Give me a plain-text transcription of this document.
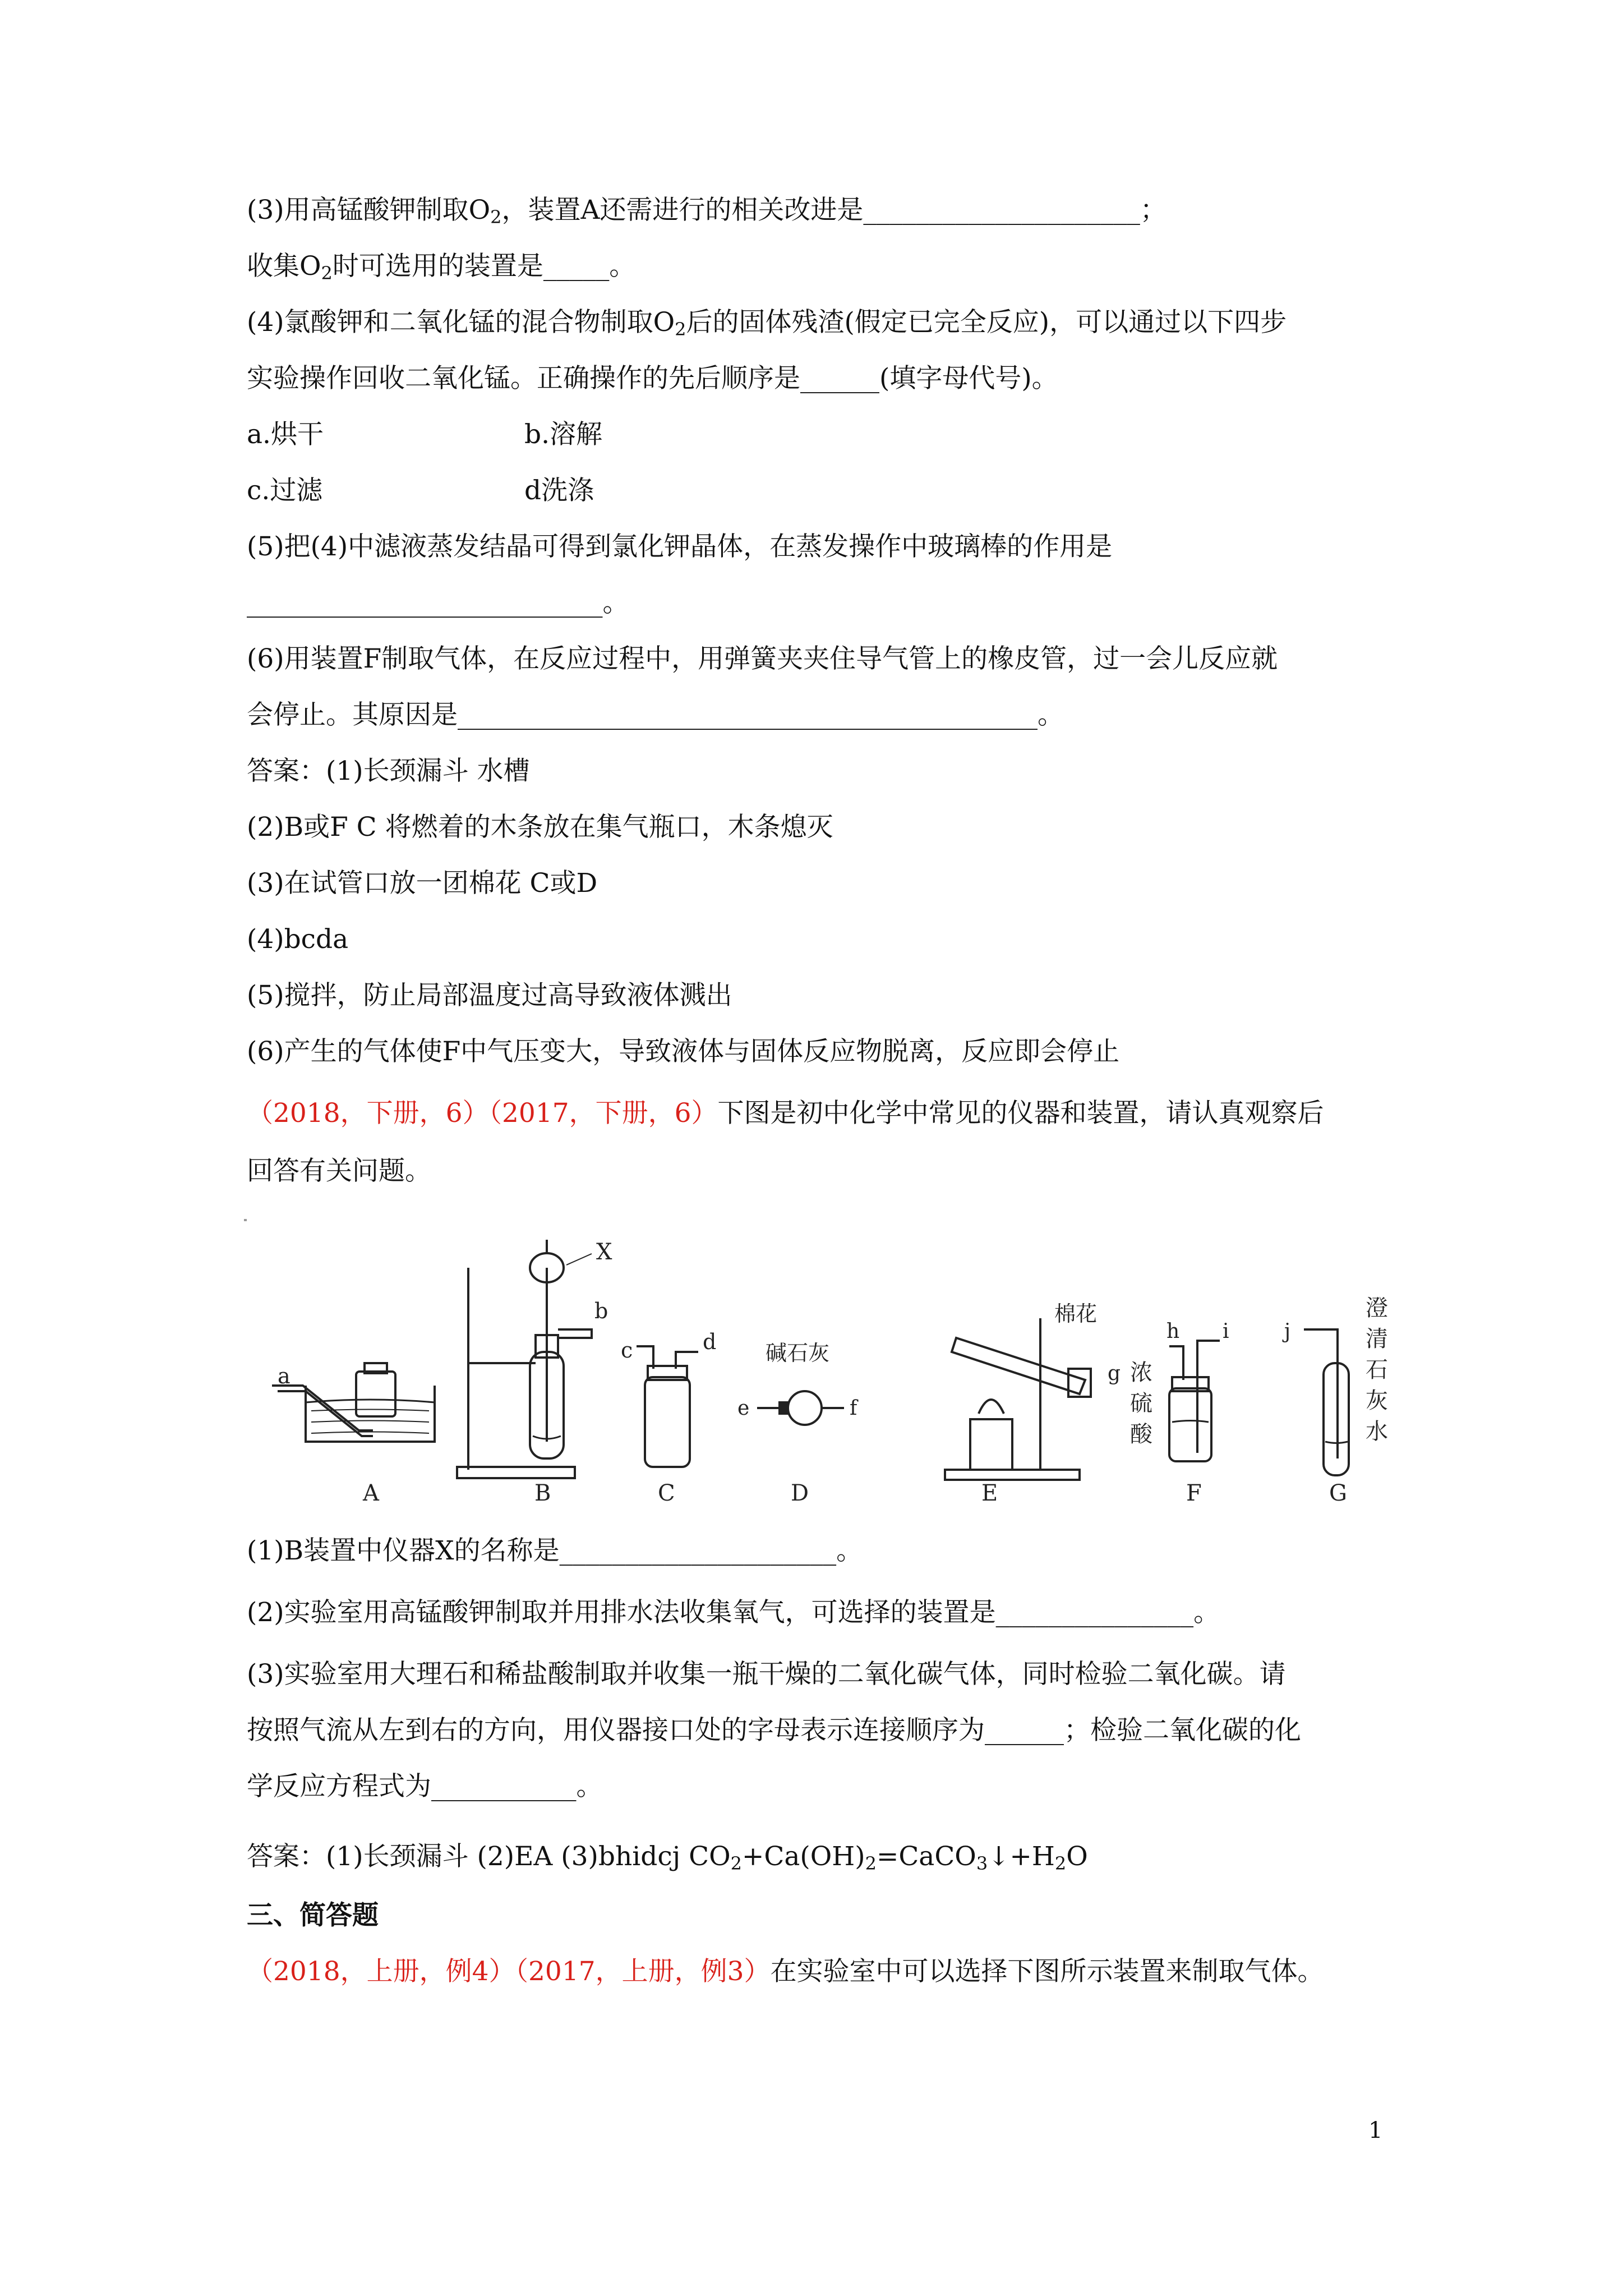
(3)用高锰酸钾制取$O_2$，装置A还需进行的相关改进是_____________________；
收集$O_2$时可选用的装置是_____。
(4)氯酸钾和二氧化锰的混合物制取$O_2$后的固体残渣(假定已完全反应)，可以通过以下四步
实验操作回收二氧化锰。正确操作的先后顺序是______(填字母代号)。
a.烘干	b.溶解
c.过滤	d洗涤
(5)把(4)中滤液蒸发结晶可得到氯化钾晶体，在蒸发操作中玻璃棒的作用是
___________________________。
(6)用装置F制取气体，在反应过程中，用弹簧夹夹住导气管上的橡皮管，过一会儿反应就
会停止。其原因是____________________________________________。
答案：(1)长颈漏斗 水槽
(2)B或F C 将燃着的木条放在集气瓶口，木条熄灭
(3)在试管口放一团棉花 C或D
(4)bcda
(5)搅拌，防止局部温度过高导致液体溅出
(6)产生的气体使F中气压变大，导致液体与固体反应物脱离，反应即会停止
（2018，下册，6）（2017，下册，6）下图是初中化学中常见的仪器和装置，请认真观察后
回答有关问题。
a
A
X
b
B
c	d
C
碱石灰
e	f
D
棉花
g
E
h i
浓
硫
酸
F
j
澄
清
石
灰
水
G
(1)B装置中仪器X的名称是_____________________。
(2)实验室用高锰酸钾制取并用排水法收集氧气，可选择的装置是_______________。
(3)实验室用大理石和稀盐酸制取并收集一瓶干燥的二氧化碳气体，同时检验二氧化碳。请
按照气流从左到右的方向，用仪器接口处的字母表示连接顺序为______；检验二氧化碳的化
学反应方程式为___________。
答案：(1)长颈漏斗 (2)EA (3)bhidcj $CO_2+Ca(OH)_2=CaCO_3↓+H_2O$
三、简答题
（2018，上册，例4）（2017，上册，例3）在实验室中可以选择下图所示装置来制取气体。
1
